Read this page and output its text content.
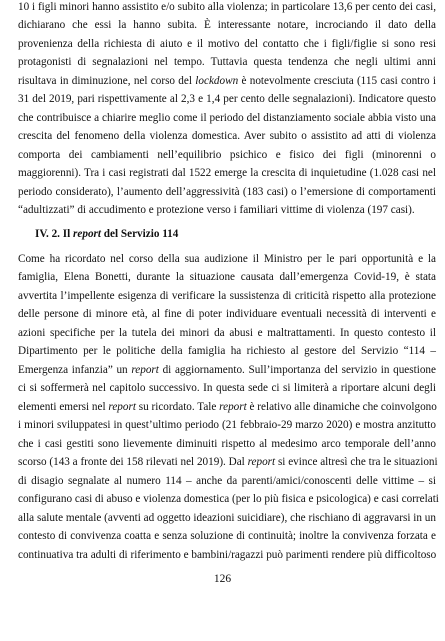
10 i figli minori hanno assistito e/o subito alla violenza; in particolare 13,6 per cento dei casi,
dichiarano che essi la hanno subita. È interessante notare, incrociando il dato della
provenienza della richiesta di aiuto e il motivo del contatto che i figli/figlie si sono resi
protagonisti di segnalazioni nel tempo. Tuttavia questa tendenza che negli ultimi anni
risultava in diminuzione, nel corso del lockdown è notevolmente cresciuta (115 casi contro i
31 del 2019, pari rispettivamente al 2,3 e 1,4 per cento delle segnalazioni). Indicatore questo
che contribuisce a chiarire meglio come il periodo del distanziamento sociale abbia visto una
crescita del fenomeno della violenza domestica. Aver subito o assistito ad atti di violenza
comporta dei cambiamenti nell’equilibrio psichico e fisico dei figli (minorenni o
maggiorenni). Tra i casi registrati dal 1522 emerge la crescita di inquietudine (1.028 casi nel
periodo considerato), l’aumento dell’aggressività (183 casi) o l’emersione di comportamenti
“adultizzati” di accudimento e protezione verso i familiari vittime di violenza (197 casi).
IV. 2. Il report del Servizio 114
Come ha ricordato nel corso della sua audizione il Ministro per le pari opportunità e la
famiglia, Elena Bonetti, durante la situazione causata dall’emergenza Covid-19, è stata
avvertita l’impellente esigenza di verificare la sussistenza di criticità rispetto alla protezione
delle persone di minore età, al fine di poter individuare eventuali necessità di interventi e
azioni specifiche per la tutela dei minori da abusi e maltrattamenti. In questo contesto il
Dipartimento per le politiche della famiglia ha richiesto al gestore del Servizio “114 –
Emergenza infanzia” un report di aggiornamento. Sull’importanza del servizio in questione
ci si soffermerà nel capitolo successivo. In questa sede ci si limiterà a riportare alcuni degli
elementi emersi nel report su ricordato. Tale report è relativo alle dinamiche che coinvolgono
i minori sviluppatesi in quest’ultimo periodo (21 febbraio-29 marzo 2020) e mostra anzitutto
che i casi gestiti sono lievemente diminuiti rispetto al medesimo arco temporale dell’anno
scorso (143 a fronte dei 158 rilevati nel 2019). Dal report si evince altresì che tra le situazioni
di disagio segnalate al numero 114 – anche da parenti/amici/conoscenti delle vittime – si
configurano casi di abuso e violenza domestica (per lo più fisica e psicologica) e casi correlati
alla salute mentale (avventi ad oggetto ideazioni suicidiare), che rischiano di aggravarsi in un
contesto di convivenza coatta e senza soluzione di continuità; inoltre la convivenza forzata e
continuativa tra adulti di riferimento e bambini/ragazzi può parimenti rendere più difficoltoso
126
